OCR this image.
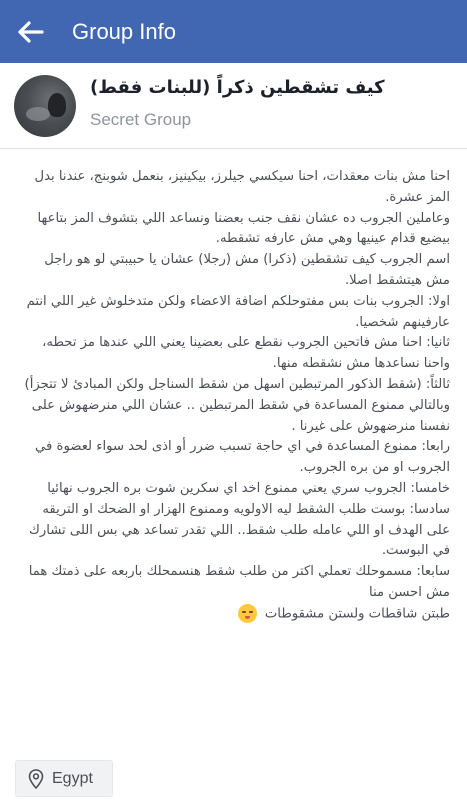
Group Info
كيف تشقطين ذكراً (للبنات فقط)
Secret Group

احنا مش بنات معقدات، احنا سيكسي جيلرز، بيكينيز، بنعمل شوبنج، عندنا بدل المز عشرة.

وعاملين الجروب ده عشان نقف جنب بعضنا ونساعد اللي بتشوف المز بتاعها بيضيع قدام عينيها وهي مش عارفه تشقطه.

اسم الجروب كيف تشقطين (ذكرا) مش (رجلا) عشان يا حبيبتي لو هو راجل مش هيتشقط اصلا.

اولا: الجروب بنات بس مفتوحلكم اضافة الاعضاء ولكن متدخلوش غير اللي انتم عارفينهم شخصيا.

ثانيا: احنا مش فاتحين الجروب نقطع على بعضينا يعني اللي عندها مز تحطه، واحنا نساعدها مش نشقطه منها.

ثالثاً: (شقط الذكور المرتبطين اسهل من شقط السناجل ولكن المبادئ لا تتجزأ) وبالتالي ممنوع المساعدة في شقط المرتبطين .. عشان اللي منرضهوش على نفسنا منرضهوش على غيرنا .

رابعا: ممنوع المساعدة في اي حاجة تسبب ضرر أو اذى لحد سواء لعضوة في الجروب او من بره الجروب.

خامسا: الجروب سري يعني ممنوع اخد اي سكرين شوت بره الجروب نهائيا

سادسا: بوست طلب الشقط ليه الاولويه وممنوع الهزار او الضحك او التريقه على الهدف او اللي عامله طلب شقط.. اللي تقدر تساعد هي بس اللى تشارك في البوست.

سابعا: مسموحلك تعملي اكتر من طلب شقط هنسمحلك باربعه على ذمتك هما مش احسن منا

طبتن شاقطات ولستن مشقوطات

Egypt
